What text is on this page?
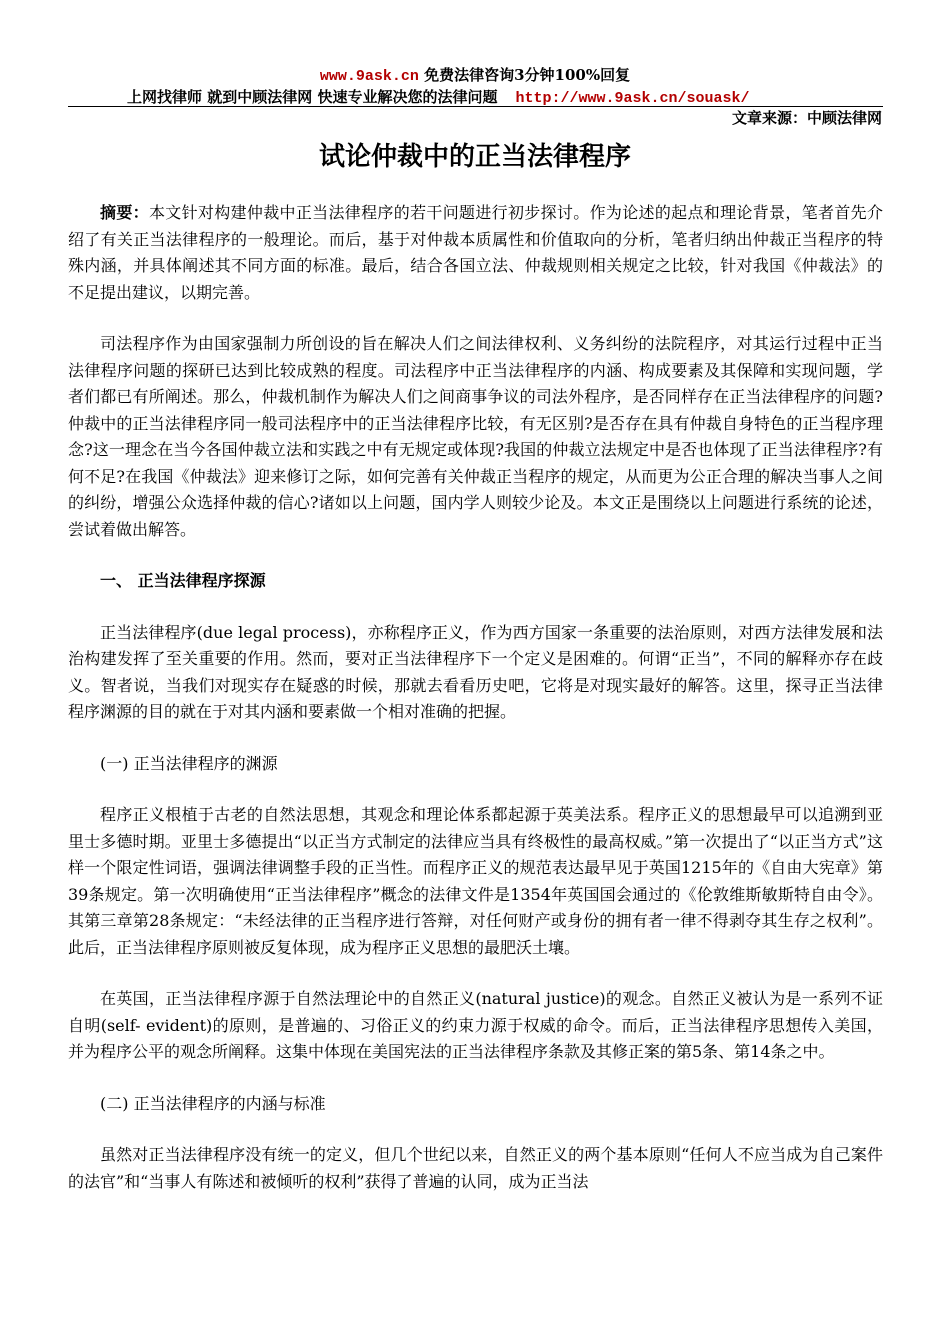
www.9ask.cn 免费法律咨询3分钟100%回复
上网找律师 就到中顾法律网 快速专业解决您的法律问题 http://www.9ask.cn/souask/
文章来源：中顾法律网
试论仲裁中的正当法律程序

摘要：本文针对构建仲裁中正当法律程序的若干问题进行初步探讨。作为论述的起点和理论背景，笔者首先介绍了有关正当法律程序的一般理论。而后，基于对仲裁本质属性和价值取向的分析，笔者归纳出仲裁正当程序的特殊内涵，并具体阐述其不同方面的标准。最后，结合各国立法、仲裁规则相关规定之比较，针对我国《仲裁法》的不足提出建议，以期完善。

司法程序作为由国家强制力所创设的旨在解决人们之间法律权利、义务纠纷的法院程序，对其运行过程中正当法律程序问题的探研已达到比较成熟的程度。司法程序中正当法律程序的内涵、构成要素及其保障和实现问题，学者们都已有所阐述。那么，仲裁机制作为解决人们之间商事争议的司法外程序，是否同样存在正当法律程序的问题?仲裁中的正当法律程序同一般司法程序中的正当法律程序比较，有无区别?是否存在具有仲裁自身特色的正当程序理念?这一理念在当今各国仲裁立法和实践之中有无规定或体现?我国的仲裁立法规定中是否也体现了正当法律程序?有何不足?在我国《仲裁法》迎来修订之际，如何完善有关仲裁正当程序的规定，从而更为公正合理的解决当事人之间的纠纷，增强公众选择仲裁的信心?诸如以上问题，国内学人则较少论及。本文正是围绕以上问题进行系统的论述，尝试着做出解答。

一、 正当法律程序探源

正当法律程序(due legal process)，亦称程序正义，作为西方国家一条重要的法治原则，对西方法律发展和法治构建发挥了至关重要的作用。然而，要对正当法律程序下一个定义是困难的。何谓“正当”，不同的解释亦存在歧义。智者说，当我们对现实存在疑惑的时候，那就去看看历史吧，它将是对现实最好的解答。这里，探寻正当法律程序渊源的目的就在于对其内涵和要素做一个相对准确的把握。

(一) 正当法律程序的渊源

程序正义根植于古老的自然法思想，其观念和理论体系都起源于英美法系。程序正义的思想最早可以追溯到亚里士多德时期。亚里士多德提出“以正当方式制定的法律应当具有终极性的最高权威。”第一次提出了“以正当方式”这样一个限定性词语，强调法律调整手段的正当性。而程序正义的规范表达最早见于英国1215年的《自由大宪章》第39条规定。第一次明确使用“正当法律程序”概念的法律文件是1354年英国国会通过的《伦敦维斯敏斯特自由令》。其第三章第28条规定：“未经法律的正当程序进行答辩，对任何财产或身份的拥有者一律不得剥夺其生存之权利”。此后，正当法律程序原则被反复体现，成为程序正义思想的最肥沃土壤。

在英国，正当法律程序源于自然法理论中的自然正义(natural justice)的观念。自然正义被认为是一系列不证自明(self- evident)的原则，是普遍的、习俗正义的约束力源于权威的命令。而后，正当法律程序思想传入美国，并为程序公平的观念所阐释。这集中体现在美国宪法的正当法律程序条款及其修正案的第5条、第14条之中。

(二) 正当法律程序的内涵与标准

虽然对正当法律程序没有统一的定义，但几个世纪以来，自然正义的两个基本原则“任何人不应当成为自己案件的法官”和“当事人有陈述和被倾听的权利”获得了普遍的认同，成为正当法
